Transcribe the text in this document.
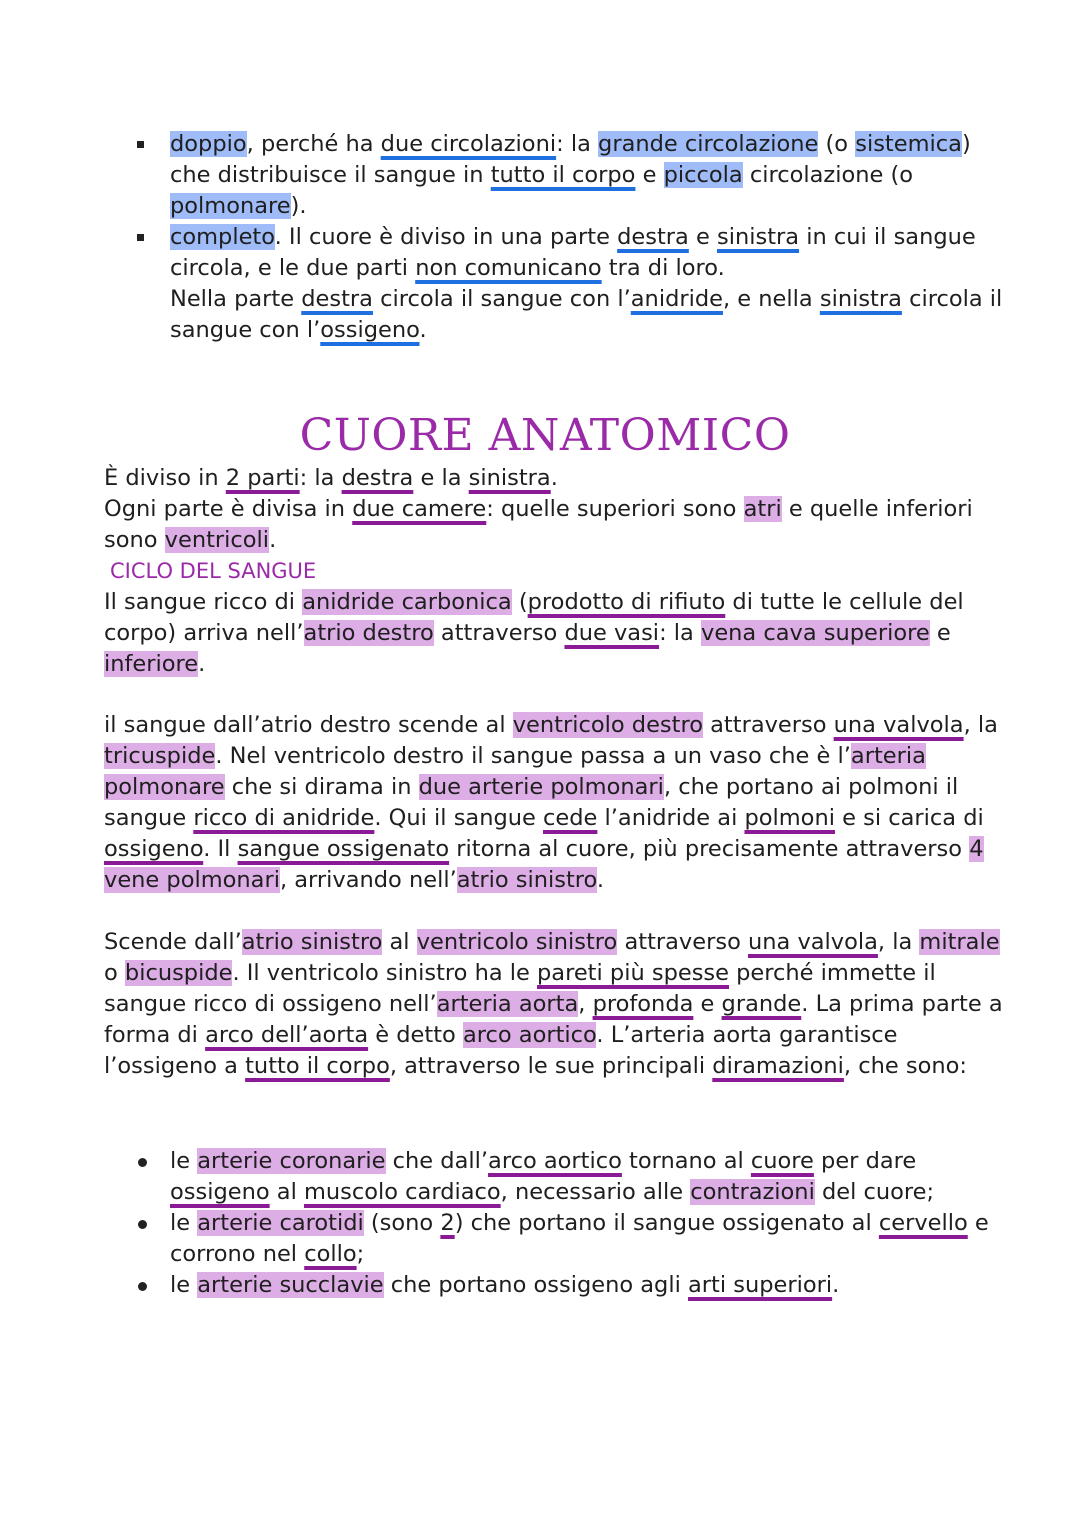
doppio, perché ha due circolazioni: la grande circolazione (o sistemica) che distribuisce il sangue in tutto il corpo e piccola circolazione (o polmonare).
completo. Il cuore è diviso in una parte destra e sinistra in cui il sangue circola, e le due parti non comunicano tra di loro.
Nella parte destra circola il sangue con l’anidride, e nella sinistra circola il sangue con l’ossigeno.
CUORE ANATOMICO

È diviso in 2 parti: la destra e la sinistra.
Ogni parte è divisa in due camere: quelle superiori sono atri e quelle inferiori sono ventricoli.

CICLO DEL SANGUE

Il sangue ricco di anidride carbonica (prodotto di rifiuto di tutte le cellule del corpo) arriva nell’atrio destro attraverso due vasi: la vena cava superiore e inferiore.

il sangue dall’atrio destro scende al ventricolo destro attraverso una valvola, la tricuspide. Nel ventricolo destro il sangue passa a un vaso che è l’arteria polmonare che si dirama in due arterie polmonari, che portano ai polmoni il sangue ricco di anidride. Qui il sangue cede l’anidride ai polmoni e si carica di ossigeno. Il sangue ossigenato ritorna al cuore, più precisamente attraverso 4 vene polmonari, arrivando nell’atrio sinistro.

Scende dall’atrio sinistro al ventricolo sinistro attraverso una valvola, la mitrale o bicuspide. Il ventricolo sinistro ha le pareti più spesse perché immette il sangue ricco di ossigeno nell’arteria aorta, profonda e grande. La prima parte a forma di arco dell’aorta è detto arco aortico. L’arteria aorta garantisce l’ossigeno a tutto il corpo, attraverso le sue principali diramazioni, che sono:

le arterie coronarie che dall’arco aortico tornano al cuore per dare ossigeno al muscolo cardiaco, necessario alle contrazioni del cuore;
le arterie carotidi (sono 2) che portano il sangue ossigenato al cervello e corrono nel collo;
le arterie succlavie che portano ossigeno agli arti superiori.
